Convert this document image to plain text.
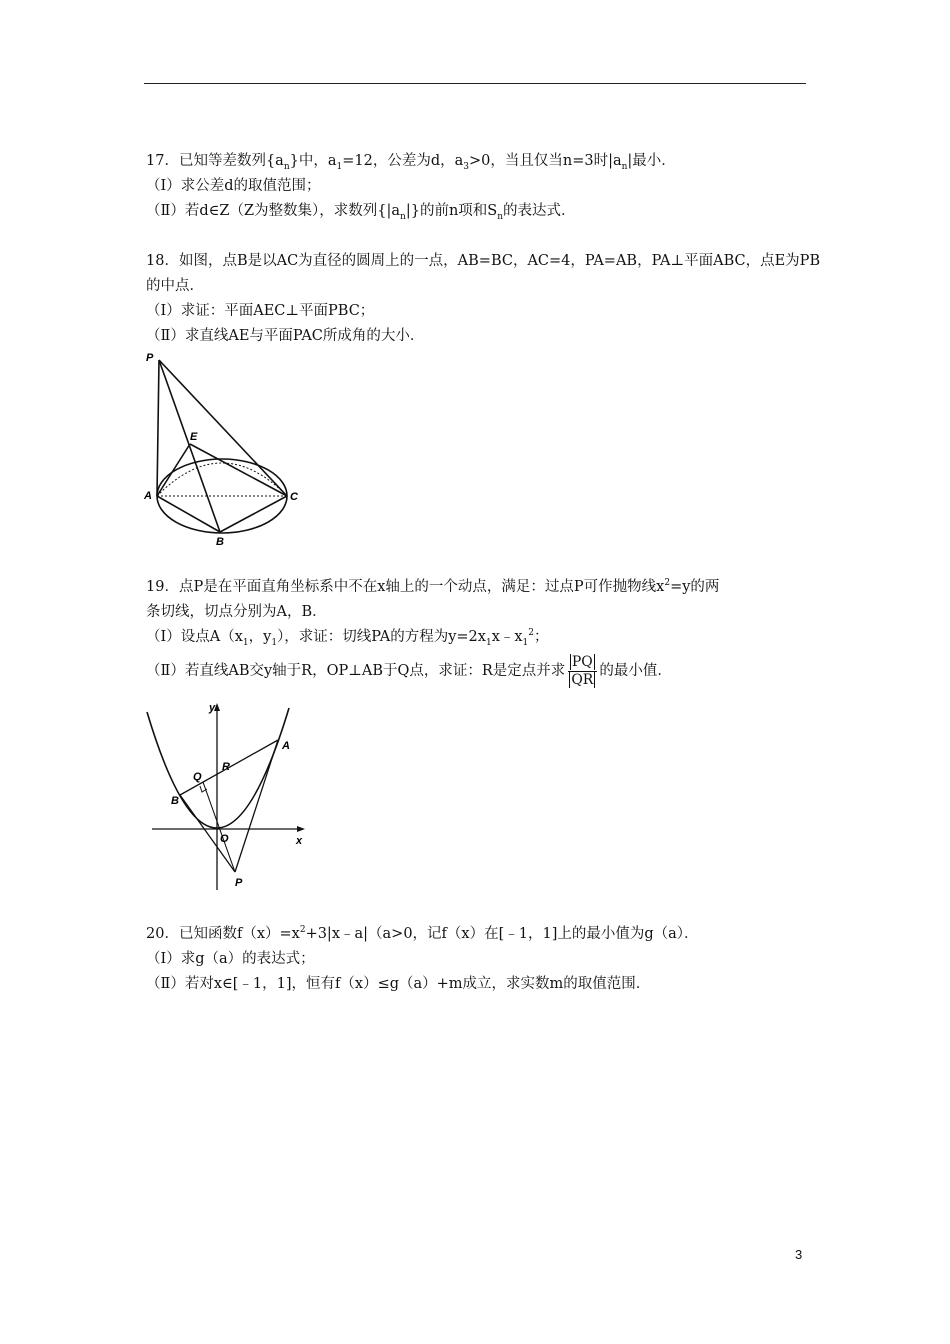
17．已知等差数列$\{a_n\}$中，$a_1=12$，公差为d，$a_3>0$，当且仅当n=3时$|a_n|$最小．
（Ⅰ）求公差d的取值范围；
（Ⅱ）若d∈Z（Z为整数集），求数列$\{|a_n|\}$的前n项和$S_n$的表达式．
18．如图，点B是以AC为直径的圆周上的一点，AB=BC，AC=4，PA=AB，PA⊥平面ABC，点E为PB
的中点．
（Ⅰ）求证：平面AEC⊥平面PBC；
（Ⅱ）求直线AE与平面PAC所成角的大小．
P
E
A	C
B
19．点P是在平面直角坐标系中不在x轴上的一个动点，满足：过点P可作抛物线$x^2=y$的两
条切线，切点分别为A，B．
（Ⅰ）设点$A(x_1$，$y_1$），求证：切线PA的方程为$y=2x_1x﹣x_1^2$；
（Ⅱ）若直线AB交y轴于R，OP⊥AB于Q点，求证：R是定点并求 $\frac{PQ}{QR}$ 的最小值．
y
x
A
B
Q
R
O
P
20．已知函数$f(x)=x^2+3|x﹣a|(a>0$，记f（x）在[﹣1，1]上的最小值为g（a）．
（Ⅰ）求g（a）的表达式；
（Ⅱ）若对x∈[﹣1，1]，恒有f（x）≤g（a）+m成立，求实数m的取值范围．
3
